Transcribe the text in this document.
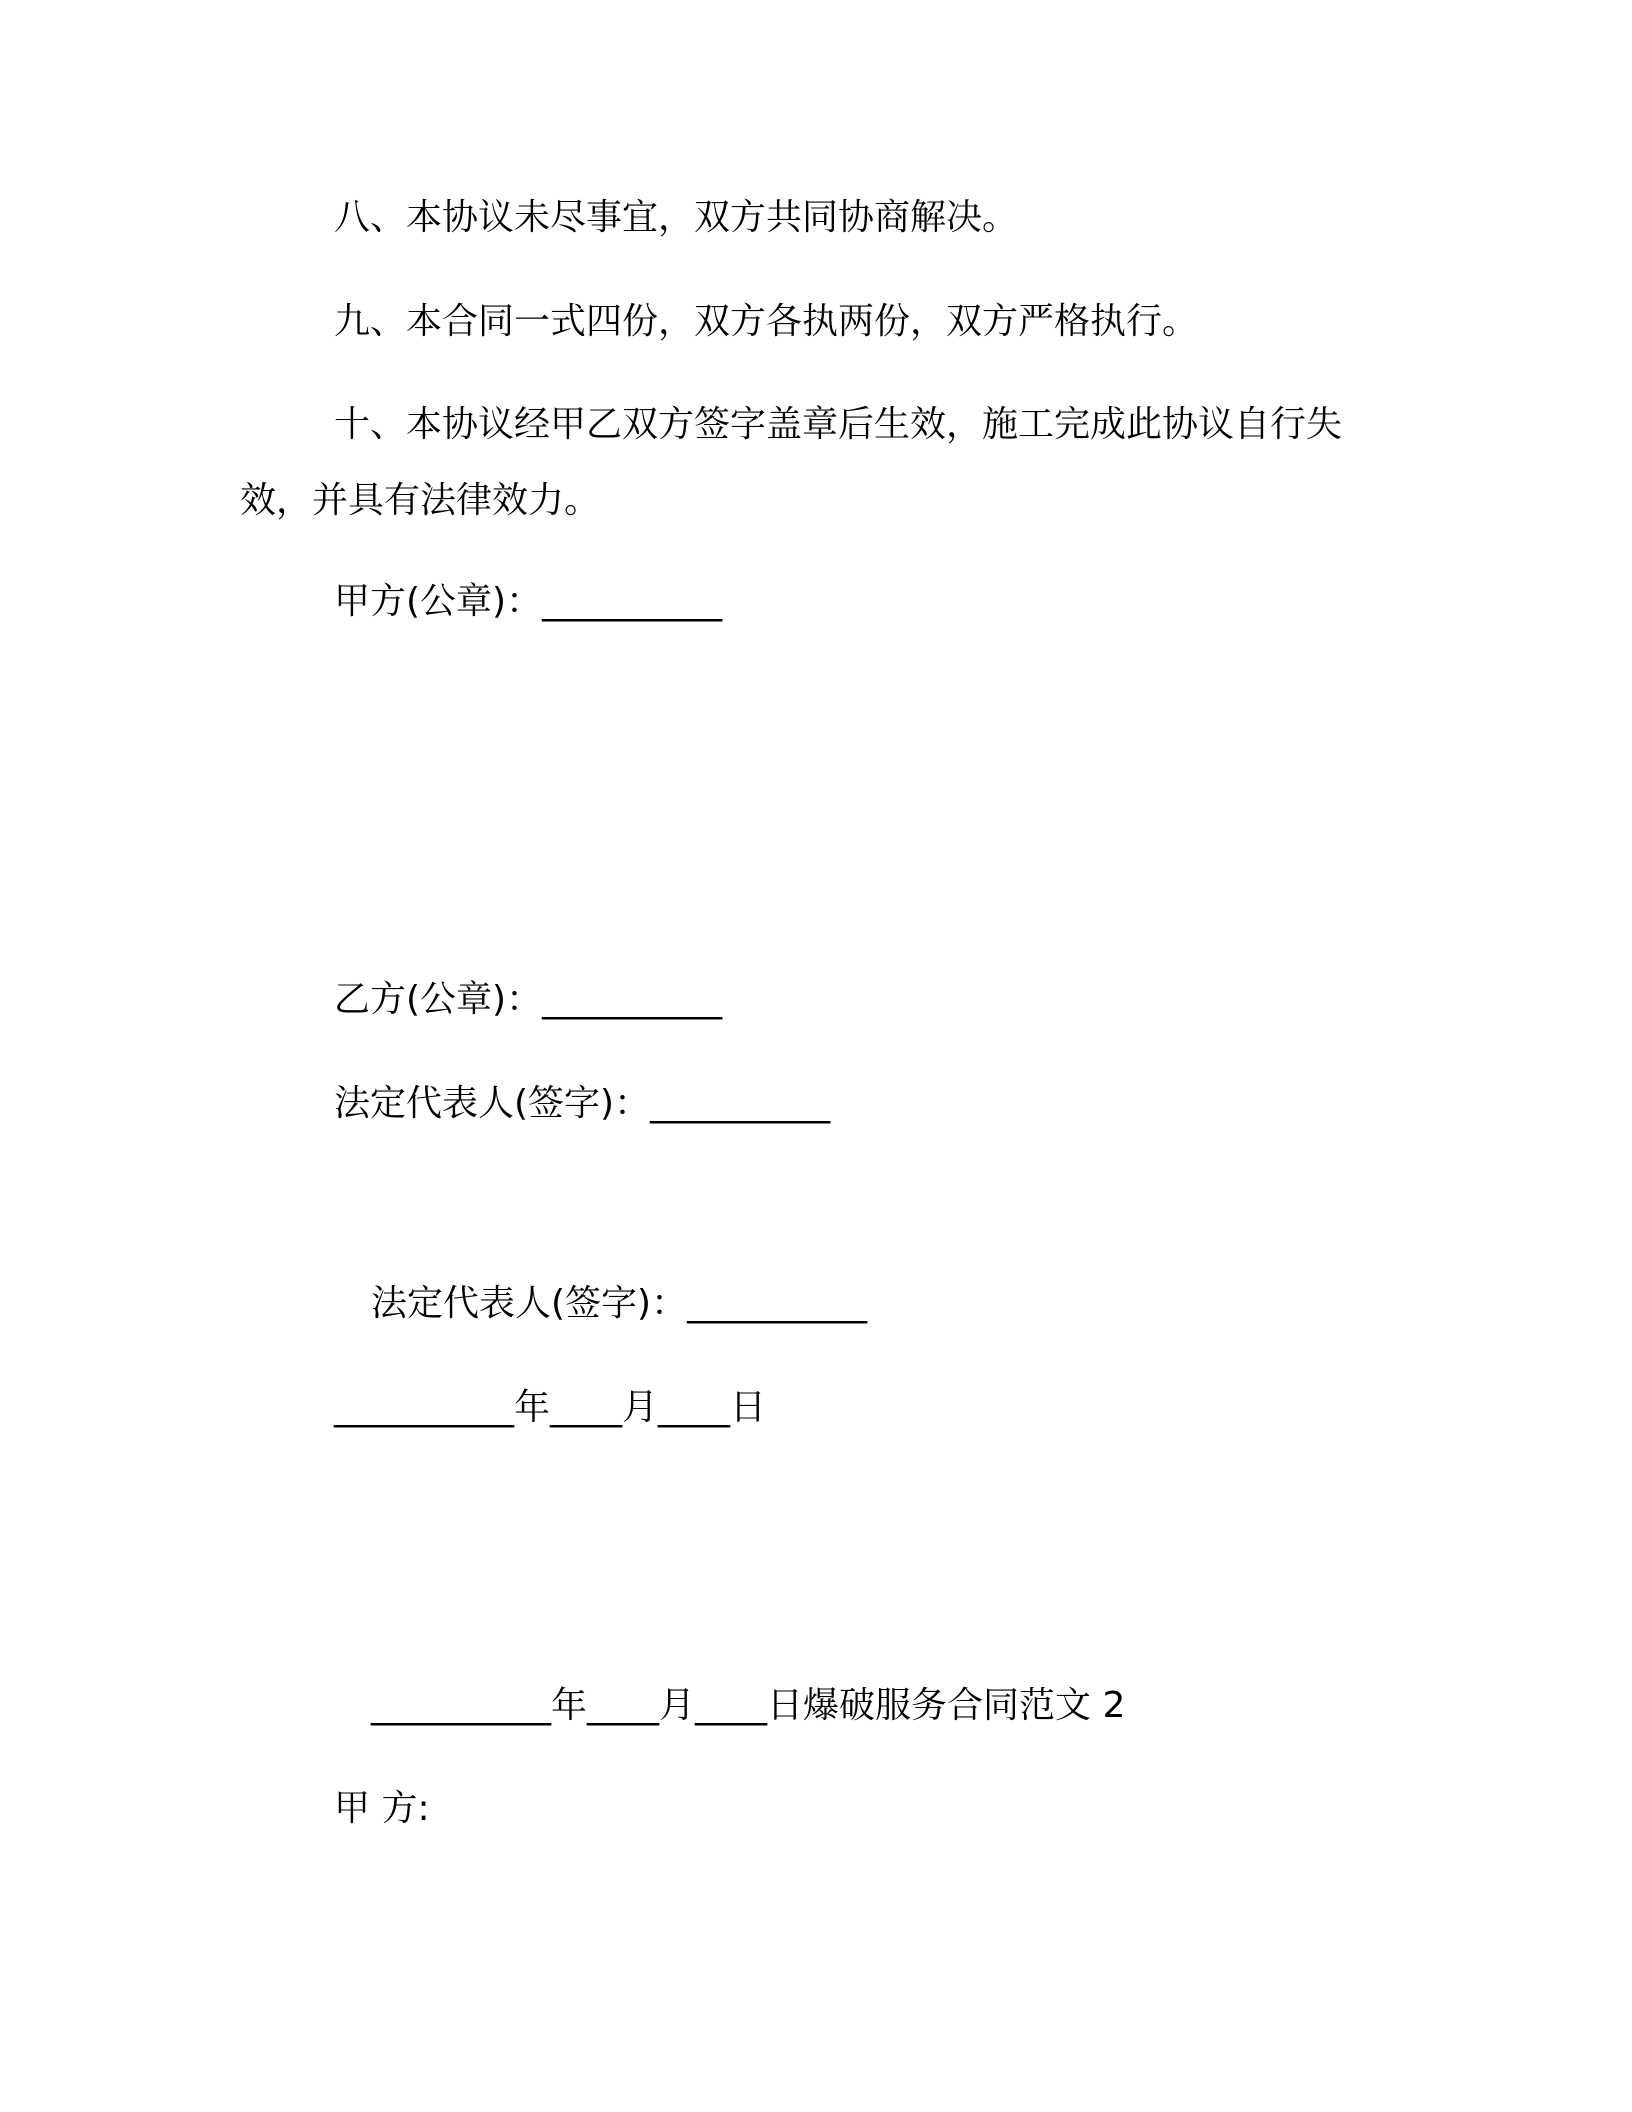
八、本协议未尽事宜，双方共同协商解决。
九、本合同一式四份，双方各执两份，双方严格执行。
十、本协议经甲乙双方签字盖章后生效，施工完成此协议自行失
效，并具有法律效力。
甲方(公章)：__________
乙方(公章)：__________
法定代表人(签字)：__________
法定代表人(签字)：__________
__________年____月____日
__________年____月____日爆破服务合同范文 2
甲 方:
